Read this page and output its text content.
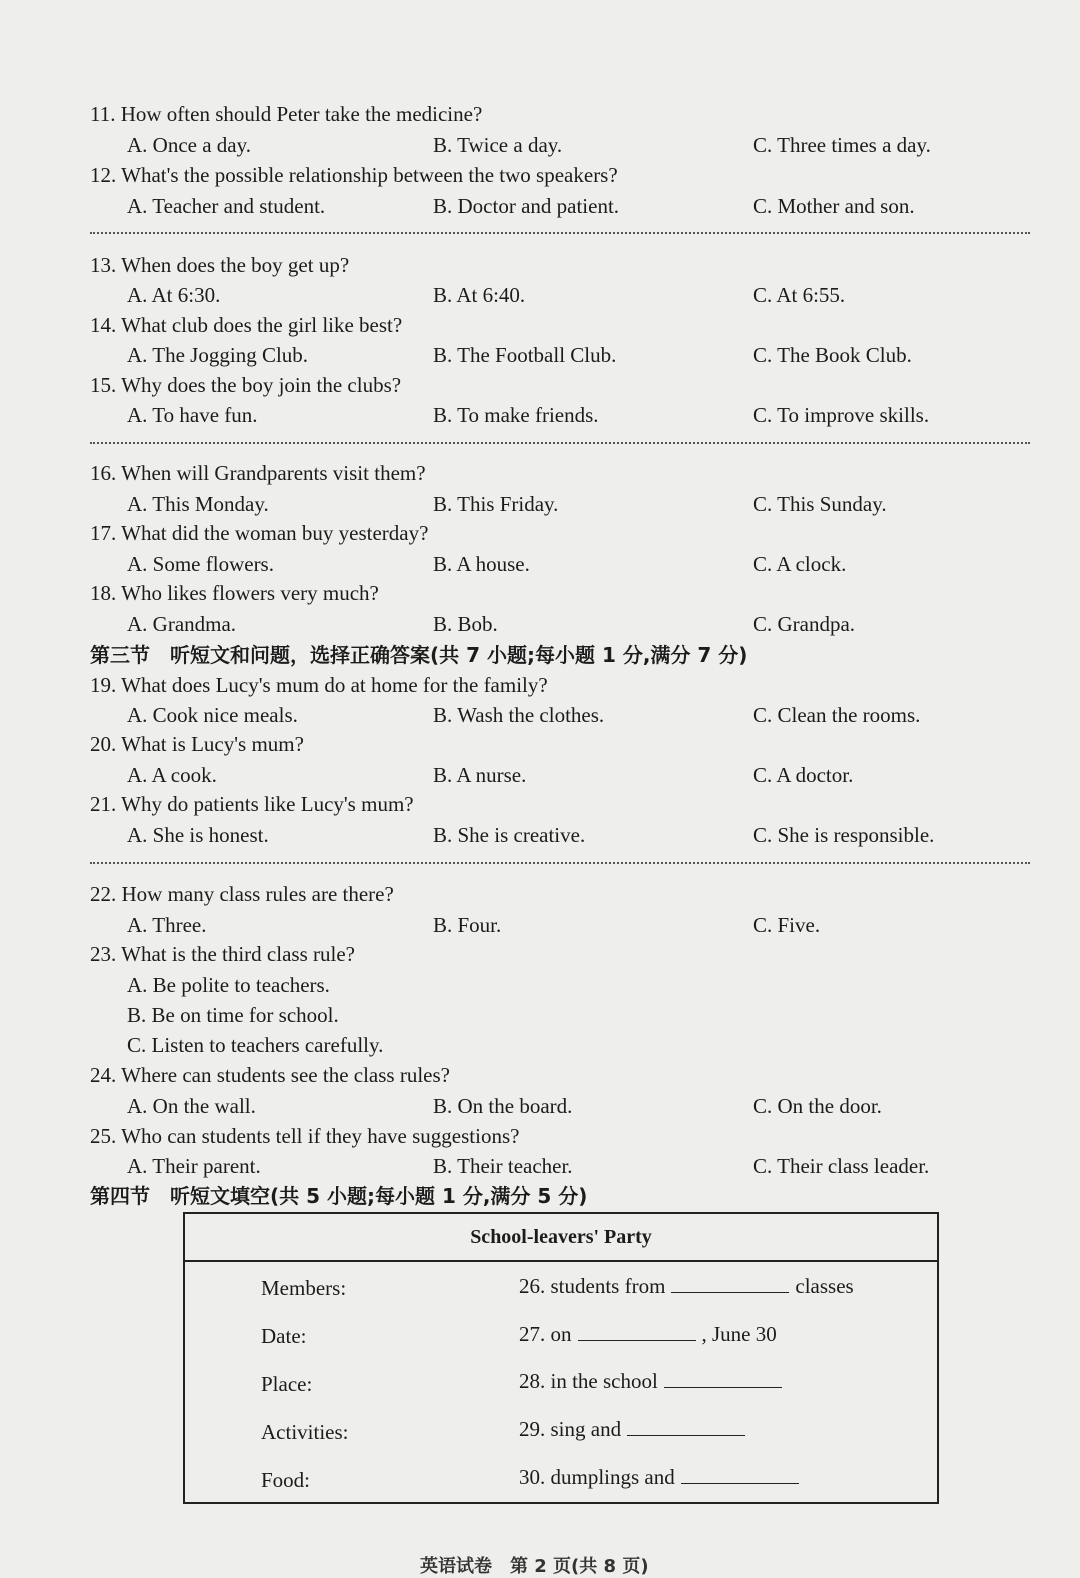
11. How often should Peter take the medicine?
A. Once a day.	B. Twice a day.	C. Three times a day.
12. What's the possible relationship between the two speakers?
A. Teacher and student.	B. Doctor and patient.	C. Mother and son.
13. When does the boy get up?
A. At 6:30.	B. At 6:40.	C. At 6:55.
14. What club does the girl like best?
A. The Jogging Club.	B. The Football Club.	C. The Book Club.
15. Why does the boy join the clubs?
A. To have fun.	B. To make friends.	C. To improve skills.
16. When will Grandparents visit them?
A. This Monday.	B. This Friday.	C. This Sunday.
17. What did the woman buy yesterday?
A. Some flowers.	B. A house.	C. A clock.
18. Who likes flowers very much?
A. Grandma.	B. Bob.	C. Grandpa.
第三节　听短文和问题，选择正确答案(共 7 小题;每小题 1 分,满分 7 分)
19. What does Lucy's mum do at home for the family?
A. Cook nice meals.	B. Wash the clothes.	C. Clean the rooms.
20. What is Lucy's mum?
A. A cook.	B. A nurse.	C. A doctor.
21. Why do patients like Lucy's mum?
A. She is honest.	B. She is creative.	C. She is responsible.
22. How many class rules are there?
A. Three.	B. Four.	C. Five.
23. What is the third class rule?
A. Be polite to teachers.
B. Be on time for school.
C. Listen to teachers carefully.
24. Where can students see the class rules?
A. On the wall.	B. On the board.	C. On the door.
25. Who can students tell if they have suggestions?
A. Their parent.	B. Their teacher.	C. Their class leader.
第四节　听短文填空(共 5 小题;每小题 1 分,满分 5 分)
School-leavers' Party
Members:	26. students from	classes
Date:	27. on	, June 30
Place:	28. in the school
Activities:	29. sing and
Food:	30. dumplings and
英语试卷　第 2 页(共 8 页)
